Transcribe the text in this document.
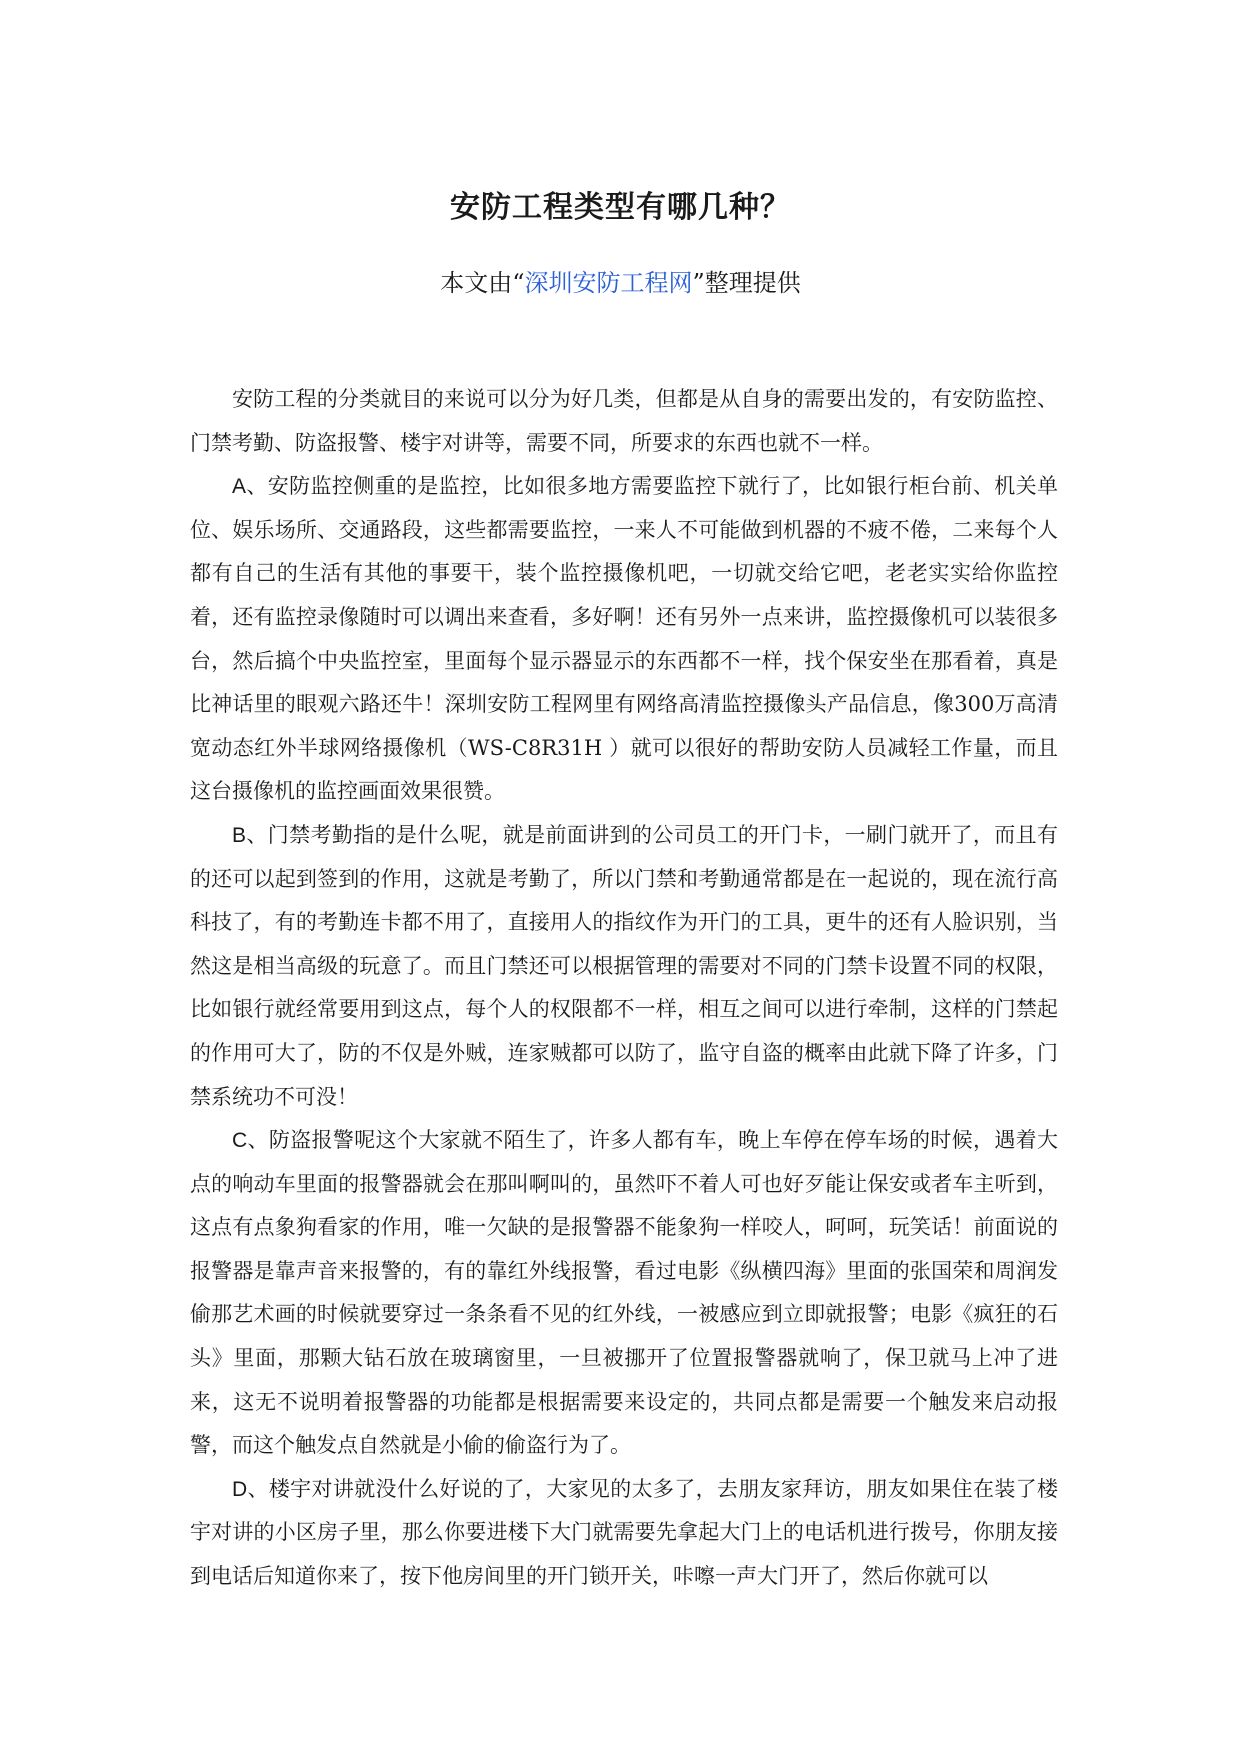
安防工程类型有哪几种？

本文由“深圳安防工程网”整理提供

安防工程的分类就目的来说可以分为好几类，但都是从自身的需要出发的，有安防监控、门禁考勤、防盗报警、楼宇对讲等，需要不同，所要求的东西也就不一样。

A、安防监控侧重的是监控，比如很多地方需要监控下就行了，比如银行柜台前、机关单位、娱乐场所、交通路段，这些都需要监控，一来人不可能做到机器的不疲不倦，二来每个人都有自己的生活有其他的事要干，装个监控摄像机吧，一切就交给它吧，老老实实给你监控着，还有监控录像随时可以调出来查看，多好啊！还有另外一点来讲，监控摄像机可以装很多台，然后搞个中央监控室，里面每个显示器显示的东西都不一样，找个保安坐在那看着，真是比神话里的眼观六路还牛！深圳安防工程网里有网络高清监控摄像头产品信息，像300万高清宽动态红外半球网络摄像机（WS-C8R31H ）就可以很好的帮助安防人员减轻工作量，而且这台摄像机的监控画面效果很赞。

B、门禁考勤指的是什么呢，就是前面讲到的公司员工的开门卡，一刷门就开了，而且有的还可以起到签到的作用，这就是考勤了，所以门禁和考勤通常都是在一起说的，现在流行高科技了，有的考勤连卡都不用了，直接用人的指纹作为开门的工具，更牛的还有人脸识别，当然这是相当高级的玩意了。而且门禁还可以根据管理的需要对不同的门禁卡设置不同的权限，比如银行就经常要用到这点，每个人的权限都不一样，相互之间可以进行牵制，这样的门禁起的作用可大了，防的不仅是外贼，连家贼都可以防了，监守自盗的概率由此就下降了许多，门禁系统功不可没！

C、防盗报警呢这个大家就不陌生了，许多人都有车，晚上车停在停车场的时候，遇着大点的响动车里面的报警器就会在那叫啊叫的，虽然吓不着人可也好歹能让保安或者车主听到，这点有点象狗看家的作用，唯一欠缺的是报警器不能象狗一样咬人，呵呵，玩笑话！前面说的报警器是靠声音来报警的，有的靠红外线报警，看过电影《纵横四海》里面的张国荣和周润发偷那艺术画的时候就要穿过一条条看不见的红外线，一被感应到立即就报警；电影《疯狂的石头》里面，那颗大钻石放在玻璃窗里，一旦被挪开了位置报警器就响了，保卫就马上冲了进来，这无不说明着报警器的功能都是根据需要来设定的，共同点都是需要一个触发来启动报警，而这个触发点自然就是小偷的偷盗行为了。

D、楼宇对讲就没什么好说的了，大家见的太多了，去朋友家拜访，朋友如果住在装了楼宇对讲的小区房子里，那么你要进楼下大门就需要先拿起大门上的电话机进行拨号，你朋友接到电话后知道你来了，按下他房间里的开门锁开关，咔嚓一声大门开了，然后你就可以
